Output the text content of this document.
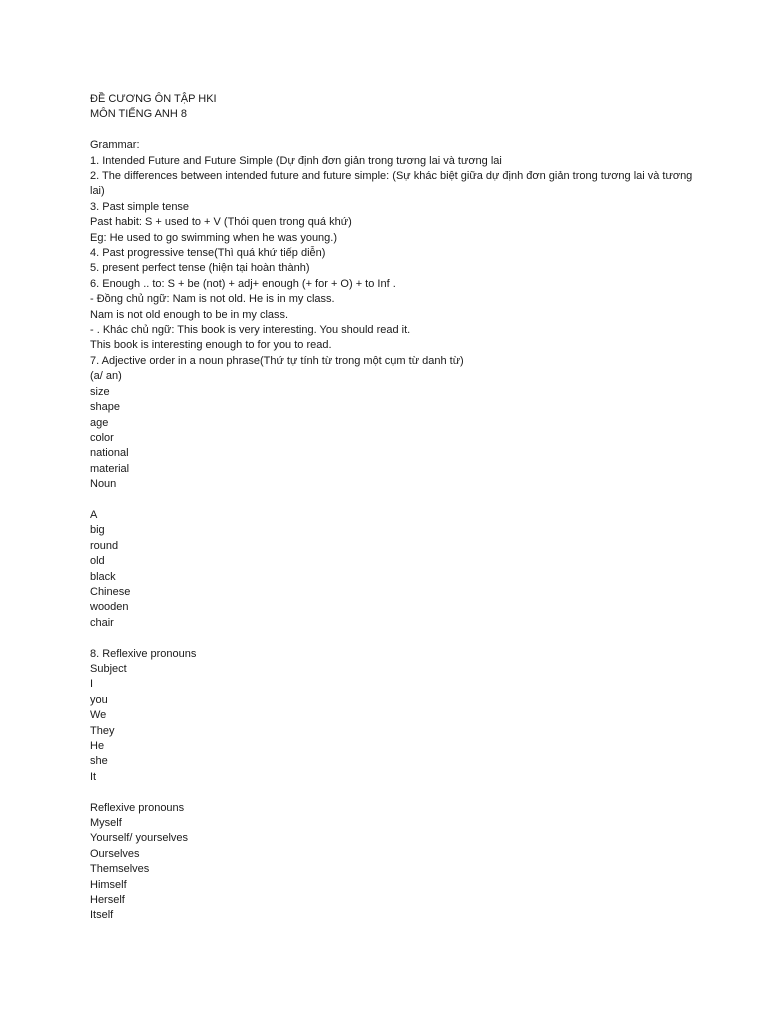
ĐỀ CƯƠNG ÔN TẬP HKI
MÔN TIẾNG ANH 8
Grammar:
1. Intended Future and Future Simple (Dự định đơn giản trong tương lai và tương lai
2. The differences between intended future and future simple: (Sự khác biệt giữa dự định đơn giản trong tương lai và tương lai)
3. Past simple tense
Past habit: S + used to + V (Thói quen trong quá khứ)
Eg: He used to go swimming when he was young.)
4. Past progressive tense(Thì quá khứ tiếp diễn)
5. present perfect tense (hiện tại hoàn thành)
6. Enough .. to: S + be (not) + adj+ enough (+ for + O) + to Inf .
- Đồng chủ ngữ: Nam is not old. He is in my class.
Nam is not old enough to be in my class.
- . Khác chủ ngữ: This book is very interesting. You should read it.
This book is interesting enough to for you to read.
7. Adjective order in a noun phrase(Thứ tự tính từ trong một cụm từ danh từ)
(a/ an)
size
shape
age
color
national
material
Noun
A
big
round
old
black
Chinese
wooden
chair
8. Reflexive pronouns
Subject
I
you
We
They
He
she
It
Reflexive pronouns
Myself
Yourself/ yourselves
Ourselves
Themselves
Himself
Herself
Itself
